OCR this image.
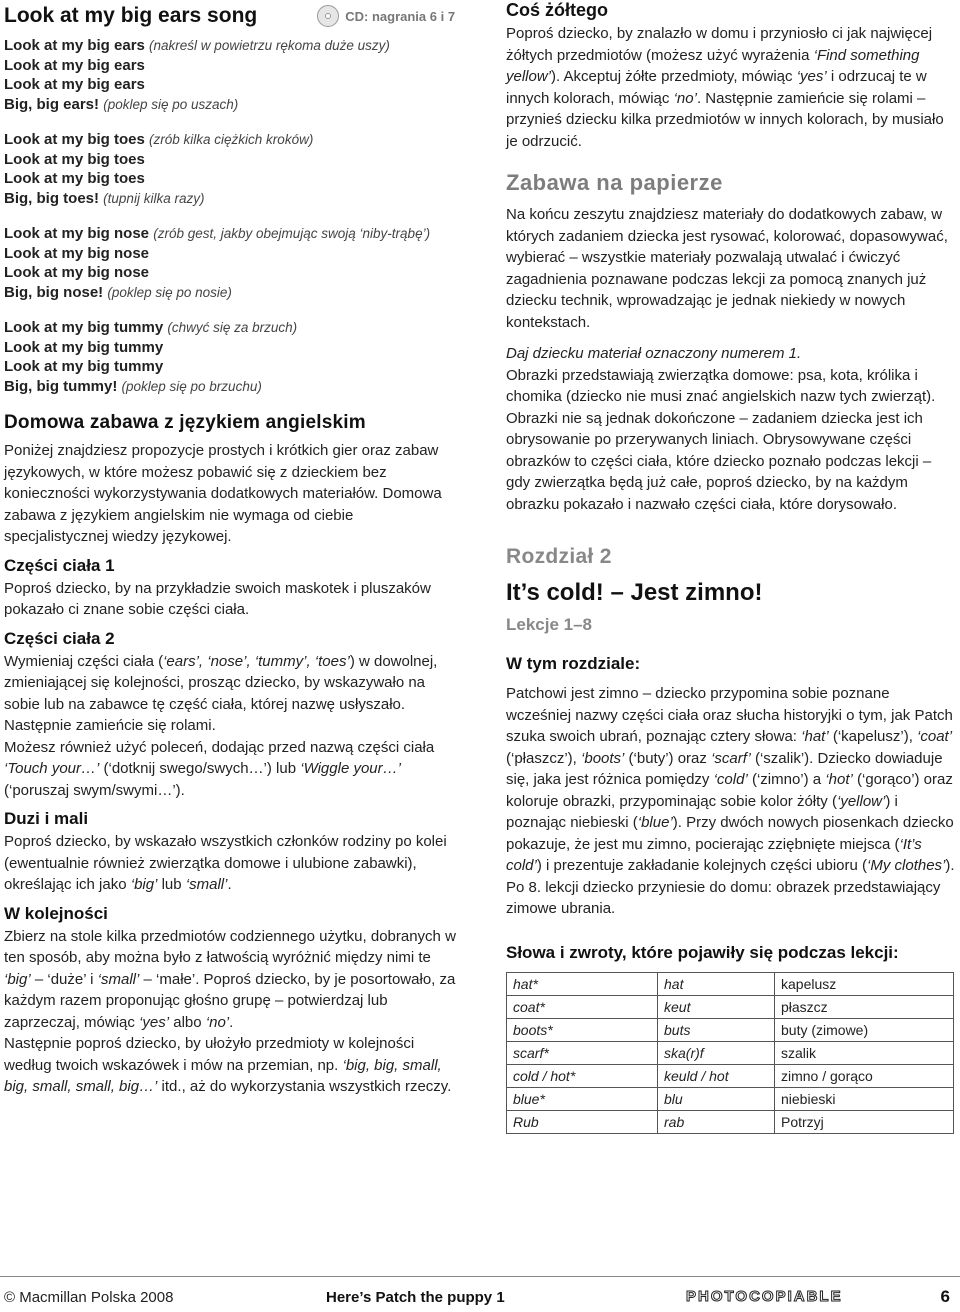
Look at my big ears song	CD: nagrania 6 i 7
Look at my big ears (nakreśl w powietrzu rękoma duże uszy)
Look at my big ears
Look at my big ears
Big, big ears! (poklep się po uszach)
Look at my big toes (zrób kilka ciężkich kroków)
Look at my big toes
Look at my big toes
Big, big toes! (tupnij kilka razy)
Look at my big nose (zrób gest, jakby obejmując swoją ‘niby-trąbę’)
Look at my big nose
Look at my big nose
Big, big nose! (poklep się po nosie)
Look at my big tummy (chwyć się za brzuch)
Look at my big tummy
Look at my big tummy
Big, big tummy! (poklep się po brzuchu)
Domowa zabawa z językiem angielskim

Poniżej znajdziesz propozycje prostych i krótkich gier oraz zabaw językowych, w które możesz pobawić się z dzieckiem bez konieczności wykorzystywania dodatkowych materiałów. Domowa zabawa z językiem angielskim nie wymaga od ciebie specjalistycznej wiedzy językowej.

Części ciała 1

Poproś dziecko, by na przykładzie swoich maskotek i pluszaków pokazało ci znane sobie części ciała.

Części ciała 2

Wymieniaj części ciała (‘ears’, ‘nose’, ‘tummy’, ‘toes’) w dowolnej, zmieniającej się kolejności, prosząc dziecko, by wskazywało na sobie lub na zabawce tę część ciała, której nazwę usłyszało. Następnie zamieńcie się rolami.

Możesz również użyć poleceń, dodając przed nazwą części ciała ‘Touch your…’ (‘dotknij swego/swych…’) lub ‘Wiggle your…’ (‘poruszaj swym/swymi…’).

Duzi i mali

Poproś dziecko, by wskazało wszystkich członków rodziny po kolei (ewentualnie również zwierzątka domowe i ulubione zabawki), określając ich jako ‘big’ lub ‘small’.

W kolejności

Zbierz na stole kilka przedmiotów codziennego użytku, dobranych w ten sposób, aby można było z łatwością wyróżnić między nimi te ‘big’ – ‘duże’ i ‘small’ – ‘małe’. Poproś dziecko, by je posortowało, za każdym razem proponując głośno grupę – potwierdzaj lub zaprzeczaj, mówiąc ‘yes’ albo ‘no’.

Następnie poproś dziecko, by ułożyło przedmioty w kolejności według twoich wskazówek i mów na przemian, np. ‘big, big, small, big, small, small, big…’ itd., aż do wykorzystania wszystkich rzeczy.

Coś żółtego

Poproś dziecko, by znalazło w domu i przyniosło ci jak najwięcej żółtych przedmiotów (możesz użyć wyrażenia ‘Find something yellow’). Akceptuj żółte przedmioty, mówiąc ‘yes’ i odrzucaj te w innych kolorach, mówiąc ‘no’. Następnie zamieńcie się rolami – przynieś dziecku kilka przedmiotów w innych kolorach, by musiało je odrzucić.

Zabawa na papierze

Na końcu zeszytu znajdziesz materiały do dodatkowych zabaw, w których zadaniem dziecka jest rysować, kolorować, dopasowywać, wybierać – wszystkie materiały pozwalają utwalać i ćwiczyć zagadnienia poznawane podczas lekcji za pomocą znanych już dziecku technik, wprowadzając je jednak niekiedy w nowych kontekstach.

Daj dziecku materiał oznaczony numerem 1.

Obrazki przedstawiają zwierzątka domowe: psa, kota, królika i chomika (dziecko nie musi znać angielskich nazw tych zwierząt). Obrazki nie są jednak dokończone – zadaniem dziecka jest ich obrysowanie po przerywanych liniach. Obrysowywane części obrazków to części ciała, które dziecko poznało podczas lekcji – gdy zwierzątka będą już całe, poproś dziecko, by na każdym obrazku pokazało i nazwało części ciała, które dorysowało.

Rozdział 2
It’s cold! – Jest zimno!
Lekcje 1–8
W tym rozdziale:

Patchowi jest zimno – dziecko przypomina sobie poznane wcześniej nazwy części ciała oraz słucha historyjki o tym, jak Patch szuka swoich ubrań, poznając cztery słowa: ‘hat’ (‘kapelusz’), ‘coat’ (‘płaszcz’), ‘boots’ (‘buty’) oraz ‘scarf’ (‘szalik’). Dziecko dowiaduje się, jaka jest różnica pomiędzy ‘cold’ (‘zimno’) a ‘hot’ (‘gorąco’) oraz koloruje obrazki, przypominając sobie kolor żółty (‘yellow’) i poznając niebieski (‘blue’). Przy dwóch nowych piosenkach dziecko pokazuje, że jest mu zimno, pocierając zziębnięte miejsca (‘It’s cold’) i prezentuje zakładanie kolejnych części ubioru (‘My clothes’).

Po 8. lekcji dziecko przyniesie do domu: obrazek przedstawiający zimowe ubrania.

Słowa i zwroty, które pojawiły się podczas lekcji:
hat*	hat	kapelusz
coat*	keut	płaszcz
boots*	buts	buty (zimowe)
scarf*	ska(r)f	szalik
cold / hot*	keuld / hot	zimno / gorąco
blue*	blu	niebieski
Rub	rab	Potrzyj
© Macmillan Polska 2008	Here’s Patch the puppy 1	PHOTOCOPIABLE	6
